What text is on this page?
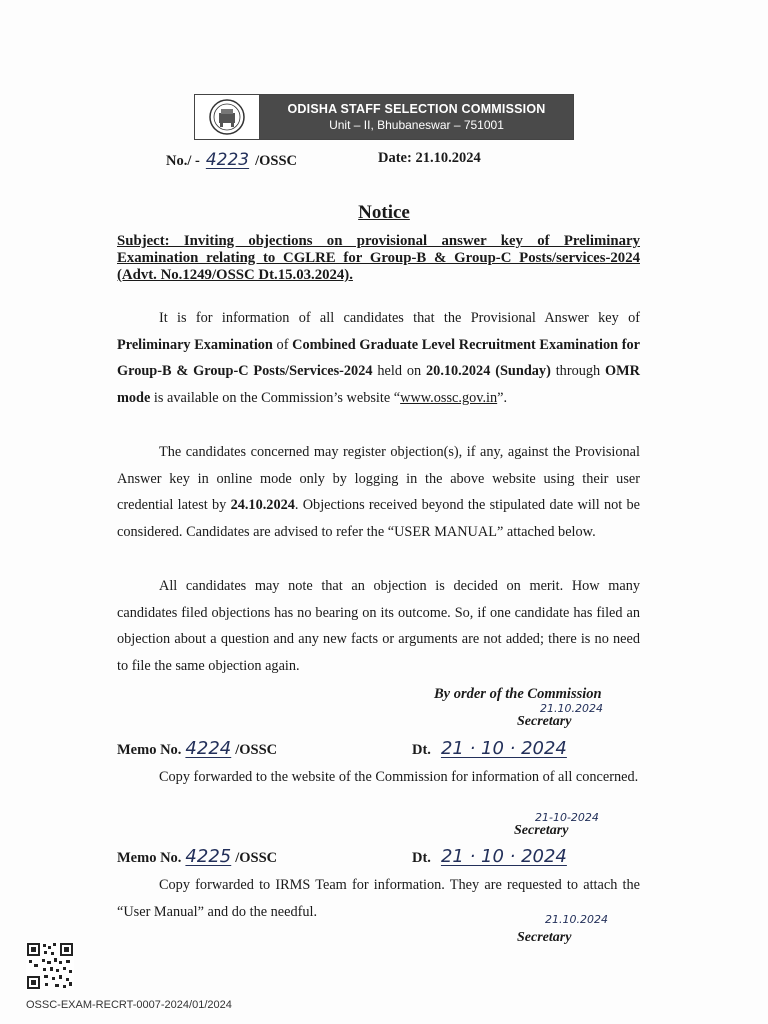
ODISHA STAFF SELECTION COMMISSION
Unit – II, Bhubaneswar – 751001
No./ - 4223 /OSSC	Date: 21.10.2024
Notice
Subject: Inviting objections on provisional answer key of Preliminary Examination relating to CGLRE for Group-B & Group-C Posts/services-2024 (Advt. No.1249/OSSC Dt.15.03.2024).

It is for information of all candidates that the Provisional Answer key of Preliminary Examination of Combined Graduate Level Recruitment Examination for Group-B & Group-C Posts/Services-2024 held on 20.10.2024 (Sunday) through OMR mode is available on the Commission’s website “www.ossc.gov.in”.

The candidates concerned may register objection(s), if any, against the Provisional Answer key in online mode only by logging in the above website using their user credential latest by 24.10.2024. Objections received beyond the stipulated date will not be considered. Candidates are advised to refer the “USER MANUAL” attached below.

All candidates may note that an objection is decided on merit. How many candidates filed objections has no bearing on its outcome. So, if one candidate has filed an objection about a question and any new facts or arguments are not added; there is no need to file the same objection again.

By order of the Commission
21.10.2024
Secretary
Memo No. 4224 /OSSC	Dt. 21 · 10 · 2024

Copy forwarded to the website of the Commission for information of all concerned.

21-10-2024
Secretary
Memo No. 4225 /OSSC	Dt. 21 · 10 · 2024

Copy forwarded to IRMS Team for information. They are requested to attach the “User Manual” and do the needful.	21.10.2024
Secretary
OSSC-EXAM-RECRT-0007-2024/01/2024
